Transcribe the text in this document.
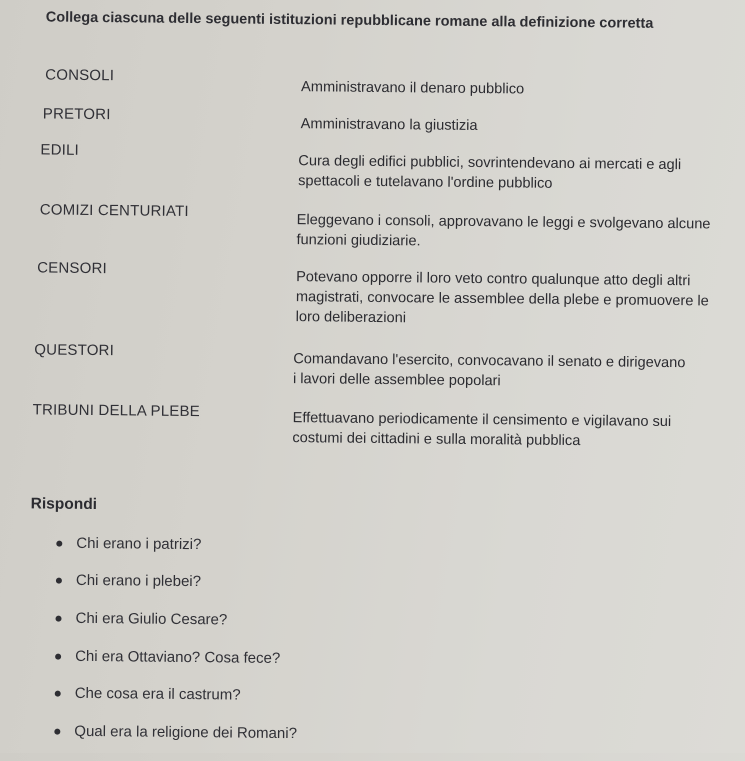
Collega ciascuna delle seguenti istituzioni repubblicane romane alla definizione corretta
CONSOLI
PRETORI
EDILI
COMIZI CENTURIATI
CENSORI
QUESTORI
TRIBUNI DELLA PLEBE
Amministravano il denaro pubblico
Amministravano la giustizia
Cura degli edifici pubblici, sovrintendevano ai mercati e agli spettacoli e tutelavano l'ordine pubblico
Eleggevano i consoli, approvavano le leggi e svolgevano alcune funzioni giudiziarie.
Potevano opporre il loro veto contro qualunque atto degli altri magistrati, convocare le assemblee della plebe e promuovere le loro deliberazioni
Comandavano l'esercito, convocavano il senato e dirigevano i lavori delle assemblee popolari
Effettuavano periodicamente il censimento e vigilavano sui costumi dei cittadini e sulla moralità pubblica
Rispondi
Chi erano i patrizi?
Chi erano i plebei?
Chi era Giulio Cesare?
Chi era Ottaviano? Cosa fece?
Che cosa era il castrum?
Qual era la religione dei Romani?
